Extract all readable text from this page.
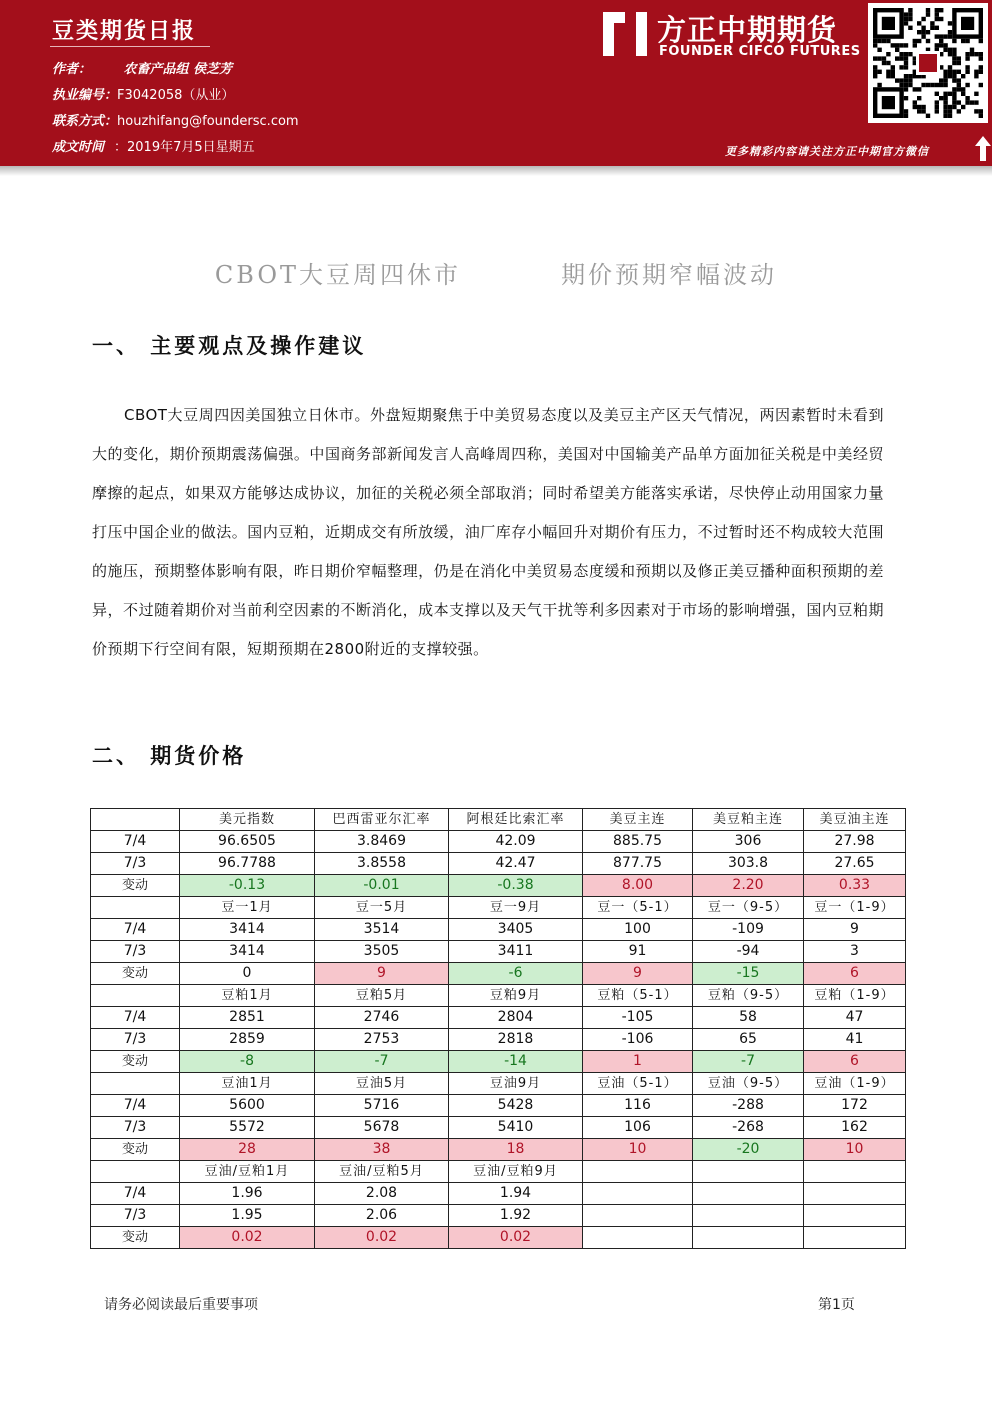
豆类期货日报
作者：	农畜产品组 侯芝芳
执业编号：F3042058（从业）
联系方式：houzhifang@foundersc.com
成文时间 ：2019年7月5日星期五
方正中期期货
FOUNDER CIFCO FUTURES
更多精彩内容请关注方正中期官方微信
CBOT大豆周四休市	期价预期窄幅波动
一、 主要观点及操作建议
CBOT大豆周四因美国独立日休市。外盘短期聚焦于中美贸易态度以及美豆主产区天气情况，两因素暂时未看到大的变化，期价预期震荡偏强。中国商务部新闻发言人高峰周四称，美国对中国输美产品单方面加征关税是中美经贸摩擦的起点，如果双方能够达成协议，加征的关税必须全部取消；同时希望美方能落实承诺，尽快停止动用国家力量打压中国企业的做法。国内豆粕，近期成交有所放缓，油厂库存小幅回升对期价有压力，不过暂时还不构成较大范围的施压，预期整体影响有限，昨日期价窄幅整理，仍是在消化中美贸易态度缓和预期以及修正美豆播种面积预期的差异，不过随着期价对当前利空因素的不断消化，成本支撑以及天气干扰等利多因素对于市场的影响增强，国内豆粕期价预期下行空间有限，短期预期在2800附近的支撑较强。
二、 期货价格
	美元指数	巴西雷亚尔汇率	阿根廷比索汇率	美豆主连	美豆粕主连	美豆油主连
7/4	96.6505	3.8469	42.09	885.75	306	27.98
7/3	96.7788	3.8558	42.47	877.75	303.8	27.65
变动	-0.13	-0.01	-0.38	8.00	2.20	0.33
	豆一1月	豆一5月	豆一9月	豆一（5-1）	豆一（9-5）	豆一（1-9）
7/4	3414	3514	3405	100	-109	9
7/3	3414	3505	3411	91	-94	3
变动	0	9	-6	9	-15	6
	豆粕1月	豆粕5月	豆粕9月	豆粕（5-1）	豆粕（9-5）	豆粕（1-9）
7/4	2851	2746	2804	-105	58	47
7/3	2859	2753	2818	-106	65	41
变动	-8	-7	-14	1	-7	6
	豆油1月	豆油5月	豆油9月	豆油（5-1）	豆油（9-5）	豆油（1-9）
7/4	5600	5716	5428	116	-288	172
7/3	5572	5678	5410	106	-268	162
变动	28	38	18	10	-20	10
	豆油/豆粕1月	豆油/豆粕5月	豆油/豆粕9月			
7/4	1.96	2.08	1.94			
7/3	1.95	2.06	1.92			
变动	0.02	0.02	0.02			
请务必阅读最后重要事项	第1页
